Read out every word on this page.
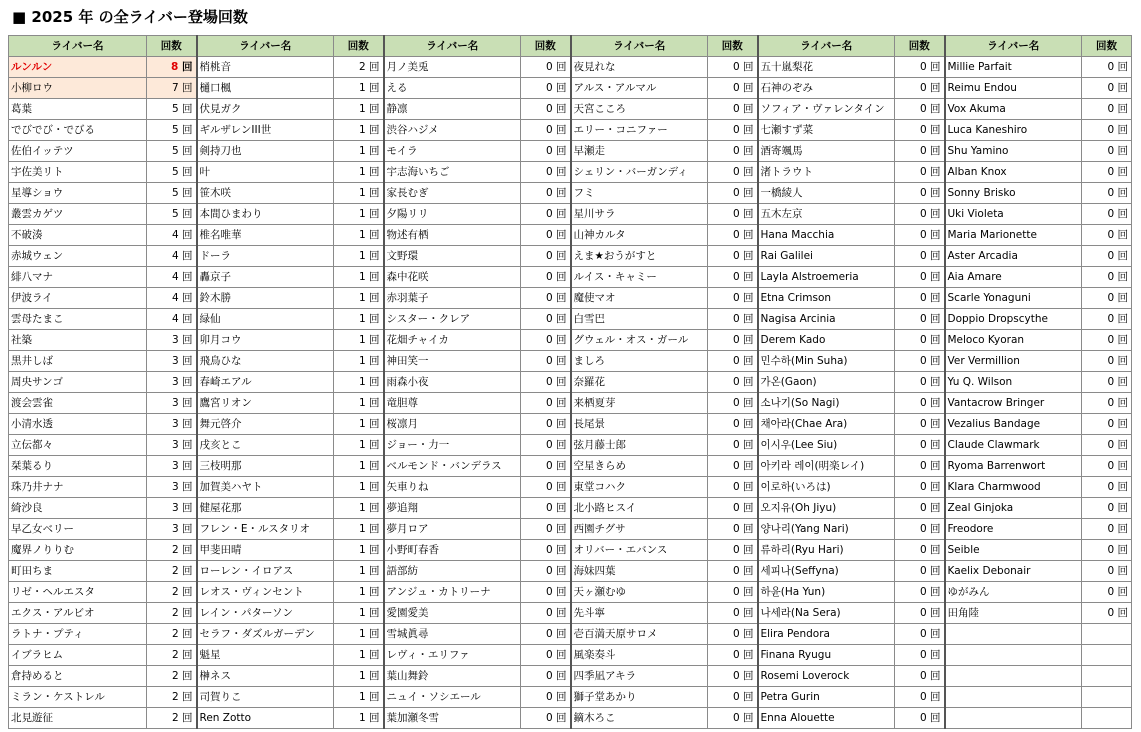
■ 2025 年 の全ライバー登場回数
ライバー名	回数	ライバー名	回数	ライバー名	回数	ライバー名	回数	ライバー名	回数	ライバー名	回数
ルンルン	8 回	梢桃音	2 回	月ノ美兎	0 回	夜見れな	0 回	五十嵐梨花	0 回	Millie Parfait	0 回
小柳ロウ	7 回	樋口楓	1 回	える	0 回	アルス・アルマル	0 回	石神のぞみ	0 回	Reimu Endou	0 回
葛葉	5 回	伏見ガク	1 回	静凛	0 回	天宮こころ	0 回	ソフィア・ヴァレンタイン	0 回	Vox Akuma	0 回
でびでび・でびる	5 回	ギルザレンIII世	1 回	渋谷ハジメ	0 回	エリー・コニファー	0 回	七瀬すず菜	0 回	Luca Kaneshiro	0 回
佐伯イッテツ	5 回	剣持刀也	1 回	モイラ	0 回	早瀬走	0 回	酒寄颯馬	0 回	Shu Yamino	0 回
宇佐美リト	5 回	叶	1 回	宇志海いちご	0 回	シェリン・バーガンディ	0 回	渚トラウト	0 回	Alban Knox	0 回
星導ショウ	5 回	笹木咲	1 回	家長むぎ	0 回	フミ	0 回	一橋綾人	0 回	Sonny Brisko	0 回
叢雲カゲツ	5 回	本間ひまわり	1 回	夕陽リリ	0 回	星川サラ	0 回	五木左京	0 回	Uki Violeta	0 回
不破湊	4 回	椎名唯華	1 回	物述有栖	0 回	山神カルタ	0 回	Hana Macchia	0 回	Maria Marionette	0 回
赤城ウェン	4 回	ドーラ	1 回	文野環	0 回	えま★おうがすと	0 回	Rai Galilei	0 回	Aster Arcadia	0 回
緋八マナ	4 回	轟京子	1 回	森中花咲	0 回	ルイス・キャミー	0 回	Layla Alstroemeria	0 回	Aia Amare	0 回
伊波ライ	4 回	鈴木勝	1 回	赤羽葉子	0 回	魔使マオ	0 回	Etna Crimson	0 回	Scarle Yonaguni	0 回
雲母たまこ	4 回	緑仙	1 回	シスター・クレア	0 回	白雪巴	0 回	Nagisa Arcinia	0 回	Doppio Dropscythe	0 回
社築	3 回	卯月コウ	1 回	花畑チャイカ	0 回	グウェル・オス・ガール	0 回	Derem Kado	0 回	Meloco Kyoran	0 回
黒井しば	3 回	飛鳥ひな	1 回	神田笑一	0 回	ましろ	0 回	민수하(Min Suha)	0 回	Ver Vermillion	0 回
周央サンゴ	3 回	春崎エアル	1 回	雨森小夜	0 回	奈羅花	0 回	가온(Gaon)	0 回	Yu Q. Wilson	0 回
渡会雲雀	3 回	鷹宮リオン	1 回	竜胆尊	0 回	来栖夏芽	0 回	소나기(So Nagi)	0 回	Vantacrow Bringer	0 回
小清水透	3 回	舞元啓介	1 回	桜凛月	0 回	長尾景	0 回	채아라(Chae Ara)	0 回	Vezalius Bandage	0 回
立伝都々	3 回	戌亥とこ	1 回	ジョー・力一	0 回	弦月藤士郎	0 回	이시우(Lee Siu)	0 回	Claude Clawmark	0 回
栞葉るり	3 回	三枝明那	1 回	ベルモンド・バンデラス	0 回	空星きらめ	0 回	아키라 레이(明楽レイ)	0 回	Ryoma Barrenwort	0 回
珠乃井ナナ	3 回	加賀美ハヤト	1 回	矢車りね	0 回	東堂コハク	0 回	이로하(いろは)	0 回	Klara Charmwood	0 回
綺沙良	3 回	健屋花那	1 回	夢追翔	0 回	北小路ヒスイ	0 回	오지유(Oh Jiyu)	0 回	Zeal Ginjoka	0 回
早乙女ベリー	3 回	フレン・E・ルスタリオ	1 回	夢月ロア	0 回	西園チグサ	0 回	양나리(Yang Nari)	0 回	Freodore	0 回
魔界ノりりむ	2 回	甲斐田晴	1 回	小野町春香	0 回	オリバー・エバンス	0 回	류하리(Ryu Hari)	0 回	Seible	0 回
町田ちま	2 回	ローレン・イロアス	1 回	語部紡	0 回	海妹四葉	0 回	세피나(Seffyna)	0 回	Kaelix Debonair	0 回
リゼ・ヘルエスタ	2 回	レオス・ヴィンセント	1 回	アンジュ・カトリーナ	0 回	天ヶ瀬むゆ	0 回	하윤(Ha Yun)	0 回	ゆがみん	0 回
エクス・アルビオ	2 回	レイン・パターソン	1 回	愛園愛美	0 回	先斗寧	0 回	나세라(Na Sera)	0 回	田角陸	0 回
ラトナ・プティ	2 回	セラフ・ダズルガーデン	1 回	雪城眞尋	0 回	壱百満天原サロメ	0 回	Elira Pendora	0 回		
イブラヒム	2 回	魁星	1 回	レヴィ・エリファ	0 回	風楽奏斗	0 回	Finana Ryugu	0 回		
倉持めると	2 回	榊ネス	1 回	葉山舞鈴	0 回	四季凪アキラ	0 回	Rosemi Loverock	0 回		
ミラン・ケストレル	2 回	司賀りこ	1 回	ニュイ・ソシエール	0 回	獅子堂あかり	0 回	Petra Gurin	0 回		
北見遊征	2 回	Ren Zotto	1 回	葉加瀬冬雪	0 回	鏑木ろこ	0 回	Enna Alouette	0 回		
